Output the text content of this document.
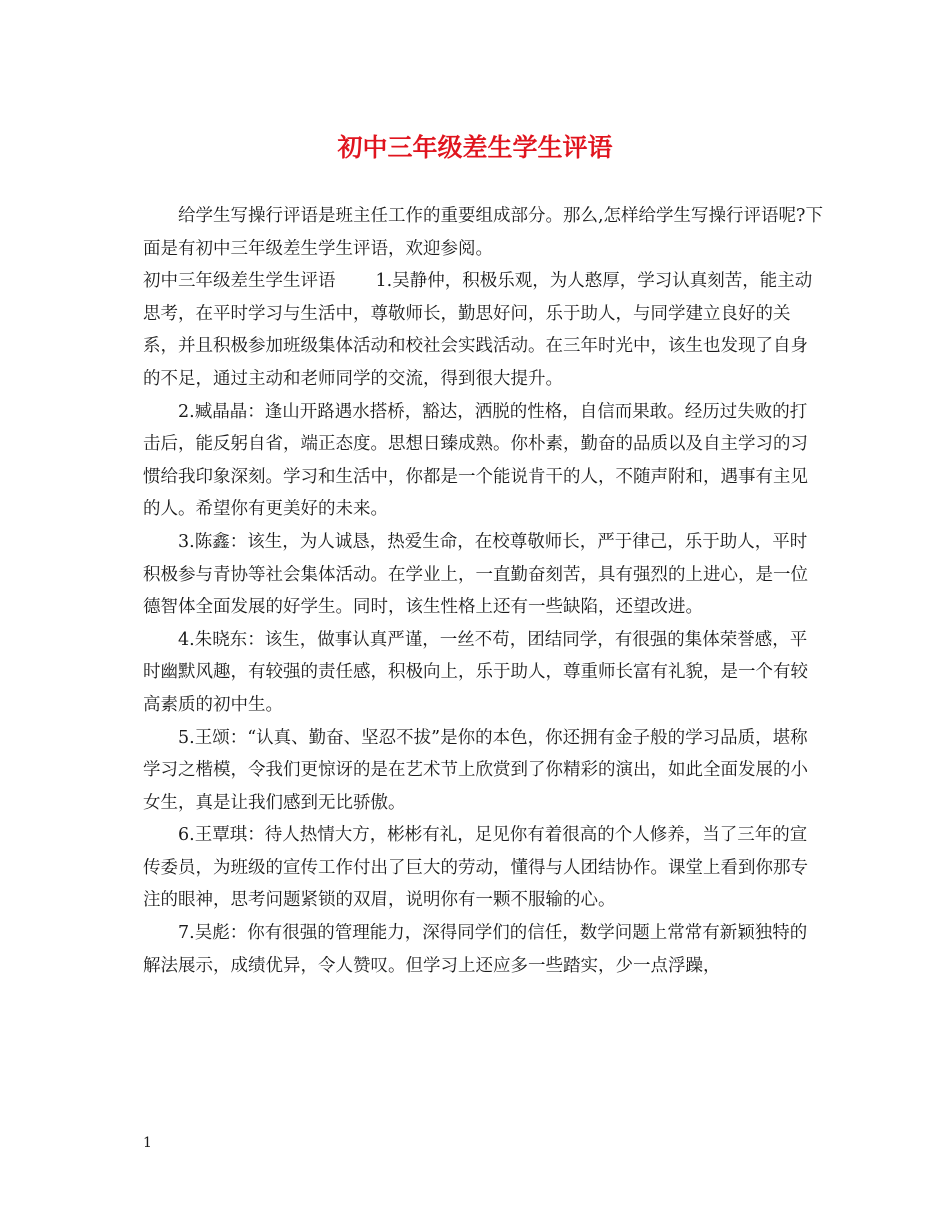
初中三年级差生学生评语

给学生写操行评语是班主任工作的重要组成部分。那么,怎样给学生写操行评语呢?下面是有初中三年级差生学生评语，欢迎参阅。

初中三年级差生学生评语 1.吴静仲，积极乐观，为人憨厚，学习认真刻苦，能主动思考，在平时学习与生活中，尊敬师长，勤思好问，乐于助人，与同学建立良好的关系，并且积极参加班级集体活动和校社会实践活动。在三年时光中，该生也发现了自身的不足，通过主动和老师同学的交流，得到很大提升。

2.臧晶晶：逢山开路遇水搭桥，豁达，洒脱的性格，自信而果敢。经历过失败的打击后，能反躬自省，端正态度。思想日臻成熟。你朴素，勤奋的品质以及自主学习的习惯给我印象深刻。学习和生活中，你都是一个能说肯干的人，不随声附和，遇事有主见的人。希望你有更美好的未来。

3.陈鑫：该生，为人诚恳，热爱生命，在校尊敬师长，严于律己，乐于助人，平时积极参与青协等社会集体活动。在学业上，一直勤奋刻苦，具有强烈的上进心，是一位德智体全面发展的好学生。同时，该生性格上还有一些缺陷，还望改进。

4.朱晓东：该生，做事认真严谨，一丝不苟，团结同学，有很强的集体荣誉感，平时幽默风趣，有较强的责任感，积极向上，乐于助人，尊重师长富有礼貌，是一个有较高素质的初中生。

5.王颂：“认真、勤奋、坚忍不拔”是你的本色，你还拥有金子般的学习品质，堪称学习之楷模，令我们更惊讶的是在艺术节上欣赏到了你精彩的演出，如此全面发展的小女生，真是让我们感到无比骄傲。

6.王覃琪：待人热情大方，彬彬有礼，足见你有着很高的个人修养，当了三年的宣传委员，为班级的宣传工作付出了巨大的劳动，懂得与人团结协作。课堂上看到你那专注的眼神，思考问题紧锁的双眉，说明你有一颗不服输的心。

7.吴彪：你有很强的管理能力，深得同学们的信任，数学问题上常常有新颖独特的解法展示，成绩优异，令人赞叹。但学习上还应多一些踏实，少一点浮躁，

1
